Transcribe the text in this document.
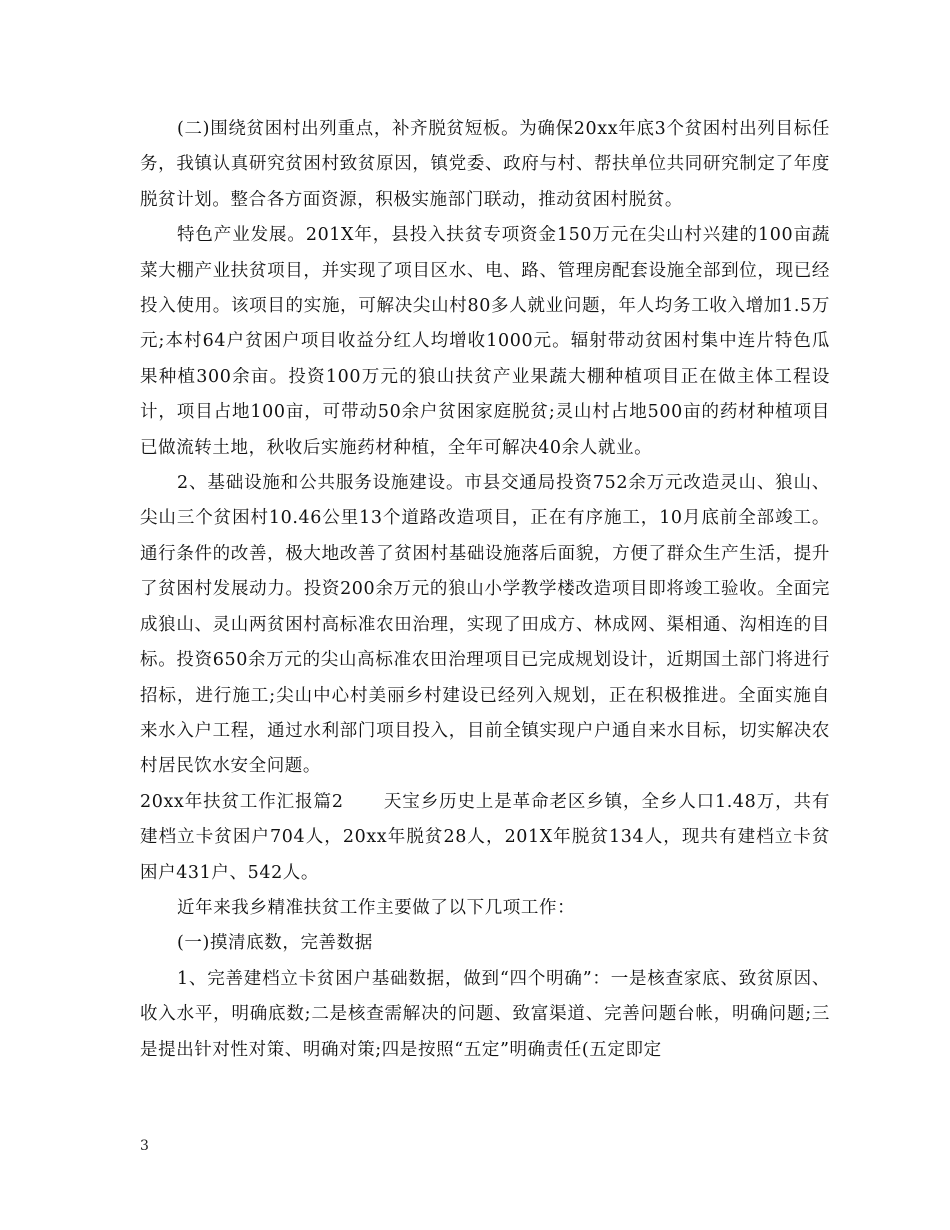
(二)围绕贫困村出列重点，补齐脱贫短板。为确保20xx年底3个贫困村出列目标任务，我镇认真研究贫困村致贫原因，镇党委、政府与村、帮扶单位共同研究制定了年度脱贫计划。整合各方面资源，积极实施部门联动，推动贫困村脱贫。

特色产业发展。201X年，县投入扶贫专项资金150万元在尖山村兴建的100亩蔬菜大棚产业扶贫项目，并实现了项目区水、电、路、管理房配套设施全部到位，现已经投入使用。该项目的实施，可解决尖山村80多人就业问题，年人均务工收入增加1.5万元;本村64户贫困户项目收益分红人均增收1000元。辐射带动贫困村集中连片特色瓜果种植300余亩。投资100万元的狼山扶贫产业果蔬大棚种植项目正在做主体工程设计，项目占地100亩，可带动50余户贫困家庭脱贫;灵山村占地500亩的药材种植项目已做流转土地，秋收后实施药材种植，全年可解决40余人就业。

2、基础设施和公共服务设施建设。市县交通局投资752余万元改造灵山、狼山、尖山三个贫困村10.46公里13个道路改造项目，正在有序施工，10月底前全部竣工。通行条件的改善，极大地改善了贫困村基础设施落后面貌，方便了群众生产生活，提升了贫困村发展动力。投资200余万元的狼山小学教学楼改造项目即将竣工验收。全面完成狼山、灵山两贫困村高标准农田治理，实现了田成方、林成网、渠相通、沟相连的目标。投资650余万元的尖山高标准农田治理项目已完成规划设计，近期国土部门将进行招标，进行施工;尖山中心村美丽乡村建设已经列入规划，正在积极推进。全面实施自来水入户工程，通过水利部门项目投入，目前全镇实现户户通自来水目标，切实解决农村居民饮水安全问题。

20xx年扶贫工作汇报篇2 天宝乡历史上是革命老区乡镇，全乡人口1.48万，共有建档立卡贫困户704人，20xx年脱贫28人，201X年脱贫134人，现共有建档立卡贫困户431户、542人。

近年来我乡精准扶贫工作主要做了以下几项工作：

(一)摸清底数，完善数据

1、完善建档立卡贫困户基础数据，做到“四个明确”：一是核查家底、致贫原因、收入水平，明确底数;二是核查需解决的问题、致富渠道、完善问题台帐，明确问题;三是提出针对性对策、明确对策;四是按照“五定”明确责任(五定即定

3
